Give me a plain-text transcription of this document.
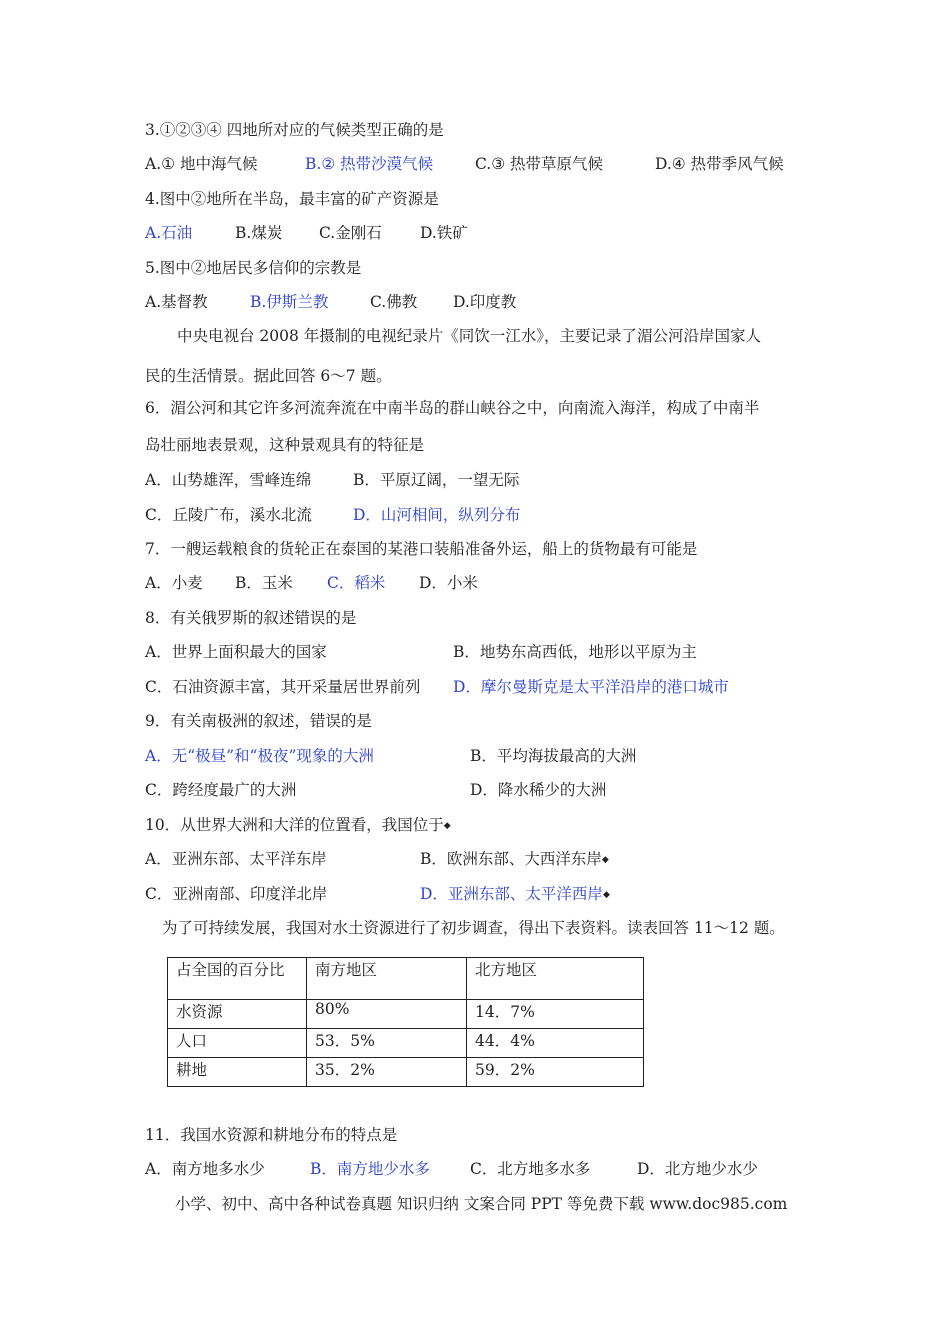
3.①②③④ 四地所对应的气候类型正确的是
A.① 地中海气候	B.② 热带沙漠气候	C.③ 热带草原气候	D.④ 热带季风气候
4.图中②地所在半岛，最丰富的矿产资源是
A.石油	B.煤炭 C.金刚石 D.铁矿
5.图中②地居民多信仰的宗教是
A.基督教	B.伊斯兰教	C.佛教 D.印度教
中央电视台 2008 年摄制的电视纪录片《同饮一江水》，主要记录了湄公河沿岸国家人
民的生活情景。据此回答 6～7 题。
6．湄公河和其它许多河流奔流在中南半岛的群山峡谷之中，向南流入海洋，构成了中南半
岛壮丽地表景观，这种景观具有的特征是
A．山势雄浑，雪峰连绵	B．平原辽阔，一望无际
C．丘陵广布，溪水北流	D．山河相间，纵列分布
7．一艘运载粮食的货轮正在泰国的某港口装船准备外运，船上的货物最有可能是
A．小麦 B．玉米 C．稻米 D．小米
8．有关俄罗斯的叙述错误的是
A．世界上面积最大的国家	B．地势东高西低，地形以平原为主
C．石油资源丰富，其开采量居世界前列 D．摩尔曼斯克是太平洋沿岸的港口城市
9．有关南极洲的叙述，错误的是
A．无“极昼”和“极夜”现象的大洲	B．平均海拔最高的大洲
C．跨经度最广的大洲	D．降水稀少的大洲
10．从世界大洲和大洋的位置看，我国位于◆
A．亚洲东部、太平洋东岸	B．欧洲东部、大西洋东岸◆
C．亚洲南部、印度洋北岸	D．亚洲东部、太平洋西岸◆
为了可持续发展，我国对水土资源进行了初步调查，得出下表资料。读表回答 11～12 题。
占全国的百分比	南方地区	北方地区
水资源	80%	14．7%
人口	53．5%	44．4%
耕地	35．2%	59．2%
11．我国水资源和耕地分布的特点是
A．南方地多水少	B．南方地少水多	C．北方地多水多	D．北方地少水少
小学、初中、高中各种试卷真题 知识归纳 文案合同 PPT 等免费下载 www.doc985.com
